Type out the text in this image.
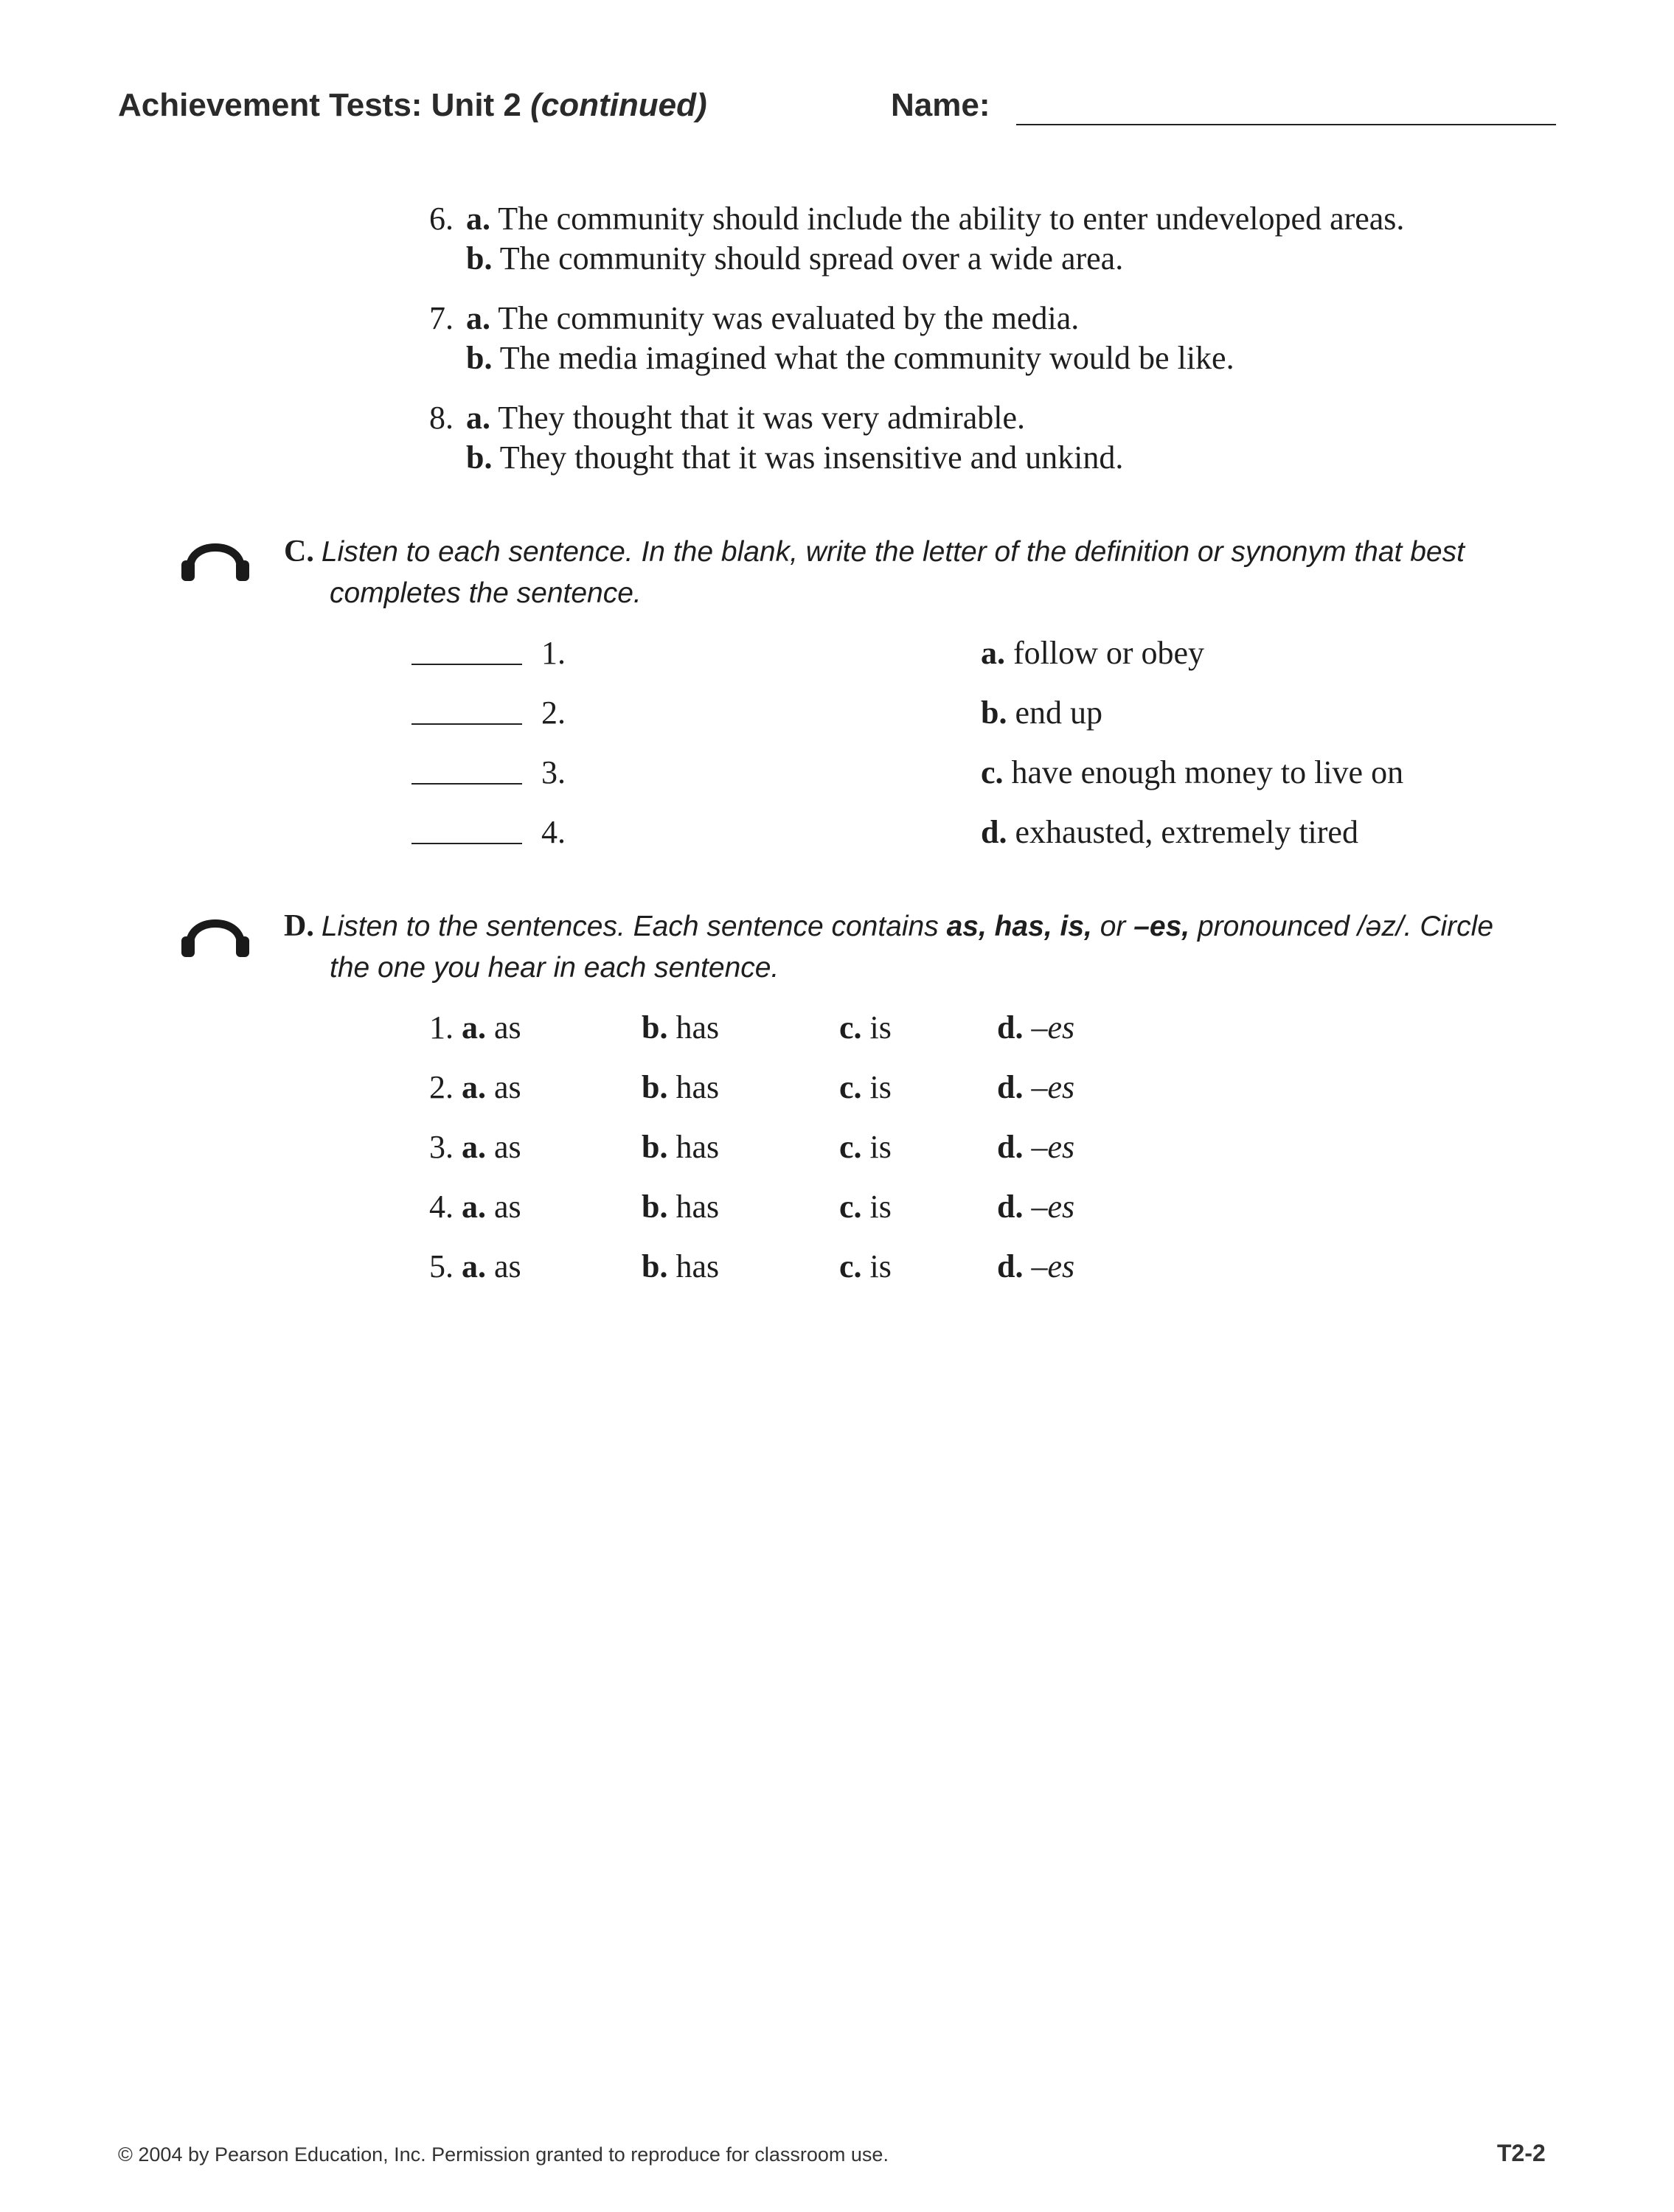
Achievement Tests: Unit 2 (continued)	Name:
6. a. The community should include the ability to enter undeveloped areas.
b. The community should spread over a wide area.
7. a. The community was evaluated by the media.
b. The media imagined what the community would be like.
8. a. They thought that it was very admirable.
b. They thought that it was insensitive and unkind.
C. Listen to each sentence. In the blank, write the letter of the definition or synonym that best
completes the sentence.
1.	a. follow or obey
2.	b. end up
3.	c. have enough money to live on
4.	d. exhausted, extremely tired
D. Listen to the sentences. Each sentence contains as, has, is, or –es, pronounced /əz/. Circle
the one you hear in each sentence.
1. a. as	b. has	c. is	d. –es
2. a. as	b. has	c. is	d. –es
3. a. as	b. has	c. is	d. –es
4. a. as	b. has	c. is	d. –es
5. a. as	b. has	c. is	d. –es
© 2004 by Pearson Education, Inc. Permission granted to reproduce for classroom use.	T2-2
